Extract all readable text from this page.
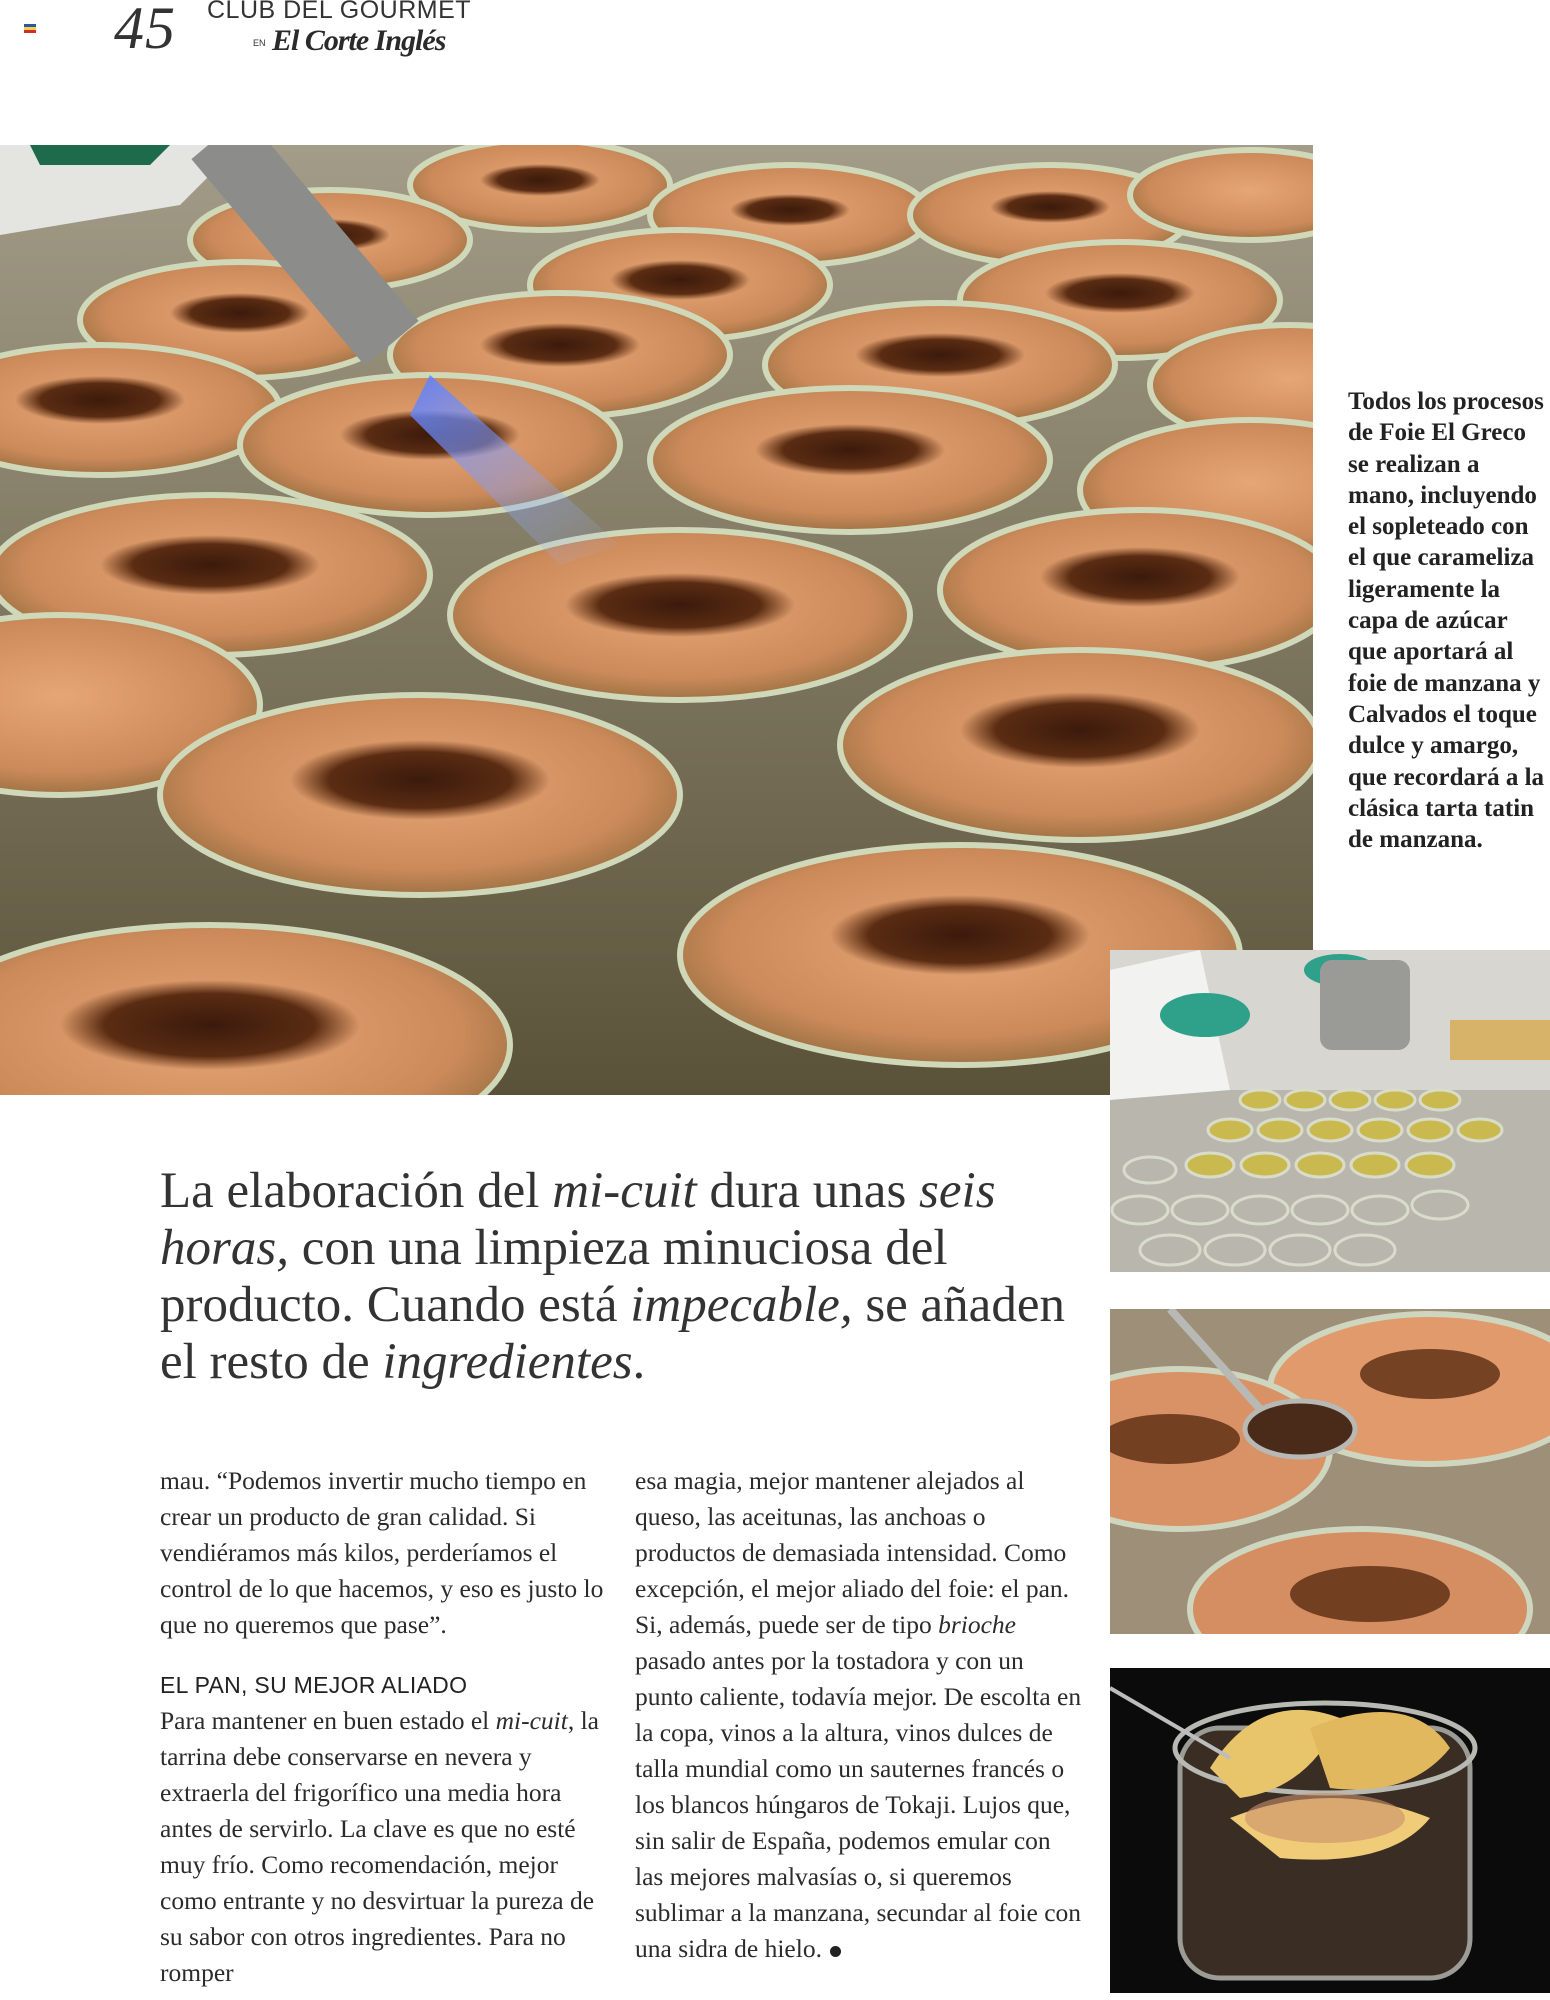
45 CLUB DEL GOURMET
EN El Corte Inglés
Todos los procesos de Foie El Greco se realizan a mano, incluyendo el sopleteado con el que carameliza ligeramente la capa de azúcar que aportará al foie de manzana y Calvados el toque dulce y amargo, que recordará a la clásica tarta tatin de manzana.
La elaboración del mi-cuit dura unas seis horas, con una limpieza minuciosa del producto. Cuando está impecable, se añaden el resto de ingredientes.

mau. “Podemos invertir mucho tiempo en crear un producto de gran calidad. Si vendiéramos más kilos, perderíamos el control de lo que hacemos, y eso es justo lo que no queremos que pase”.

EL PAN, SU MEJOR ALIADO

Para mantener en buen estado el mi-cuit, la tarrina debe conservarse en nevera y extraerla del frigorífico una media hora antes de servirlo. La clave es que no esté muy frío. Como recomendación, mejor como entrante y no desvirtuar la pureza de su sabor con otros ingredientes. Para no romper

esa magia, mejor mantener alejados al queso, las aceitunas, las anchoas o productos de demasiada intensidad. Como excepción, el mejor aliado del foie: el pan. Si, además, puede ser de tipo brioche pasado antes por la tostadora y con un punto caliente, todavía mejor. De escolta en la copa, vinos a la altura, vinos dulces de talla mundial como un sauternes francés o los blancos húngaros de Tokaji. Lujos que, sin salir de España, podemos emular con las mejores malvasías o, si queremos sublimar a la manzana, secundar al foie con una sidra de hielo.
